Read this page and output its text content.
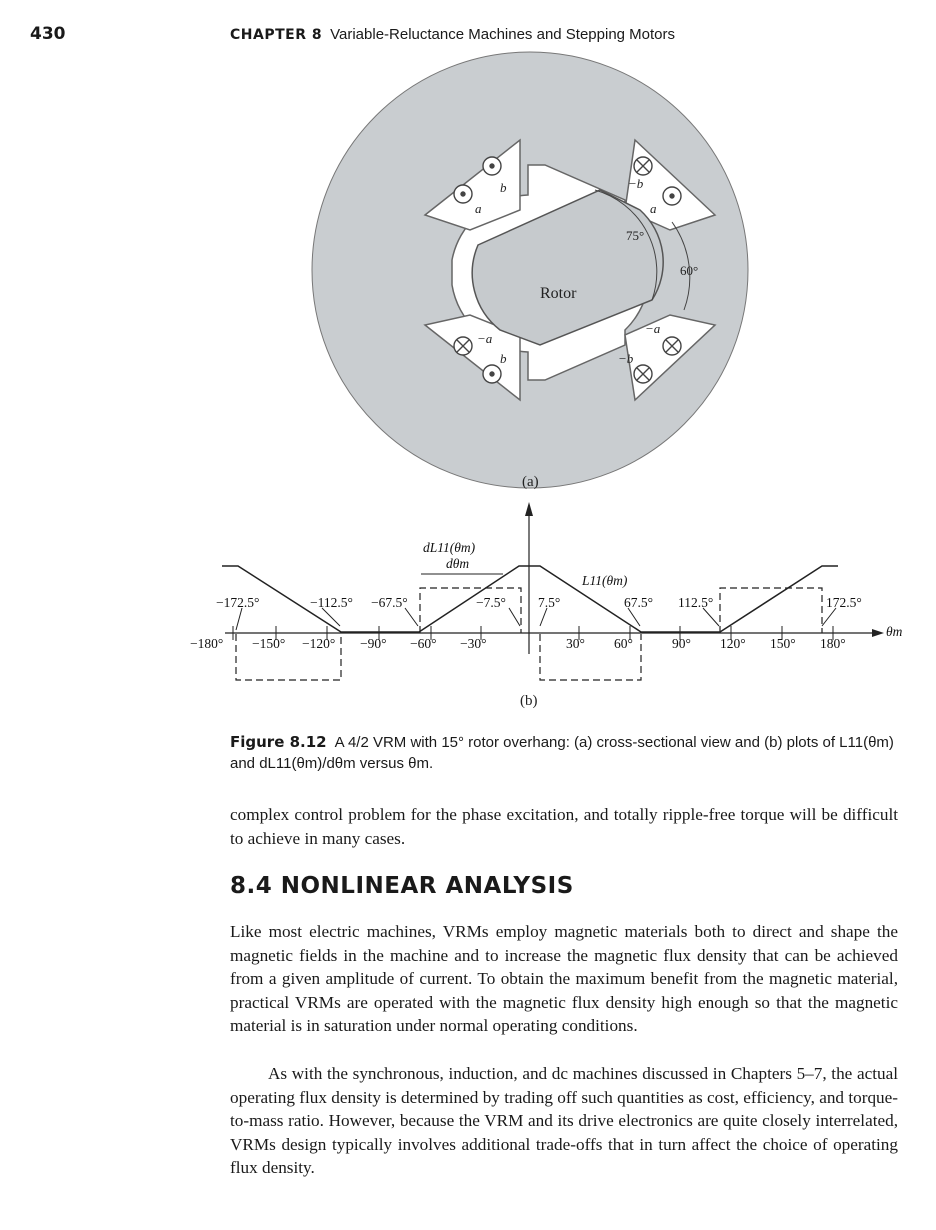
430	CHAPTER 8 Variable-Reluctance Machines and Stepping Motors
Rotor
75°
60°
b
a
−b
a
−a
b
−a
−b
(a)
dL11(θm)
dθm
L11(θm)
θm
−172.5°	−112.5° −67.5°	−7.5° 7.5°	67.5° 112.5°	172.5°
−180° −150° −120° −90° −60° −30°	30° 60°	90° 120° 150° 180°
(b)
Figure 8.12 A 4/2 VRM with 15° rotor overhang: (a) cross-sectional view and (b) plots of L11(θm) and dL11(θm)/dθm versus θm.
complex control problem for the phase excitation, and totally ripple-free torque will be difficult to achieve in many cases.
8.4 NONLINEAR ANALYSIS
Like most electric machines, VRMs employ magnetic materials both to direct and shape the magnetic fields in the machine and to increase the magnetic flux density that can be achieved from a given amplitude of current. To obtain the maximum benefit from the magnetic material, practical VRMs are operated with the magnetic flux density high enough so that the magnetic material is in saturation under normal operating conditions.
As with the synchronous, induction, and dc machines discussed in Chapters 5–7, the actual operating flux density is determined by trading off such quantities as cost, efficiency, and torque-to-mass ratio. However, because the VRM and its drive electronics are quite closely interrelated, VRMs design typically involves additional trade-offs that in turn affect the choice of operating flux density.
